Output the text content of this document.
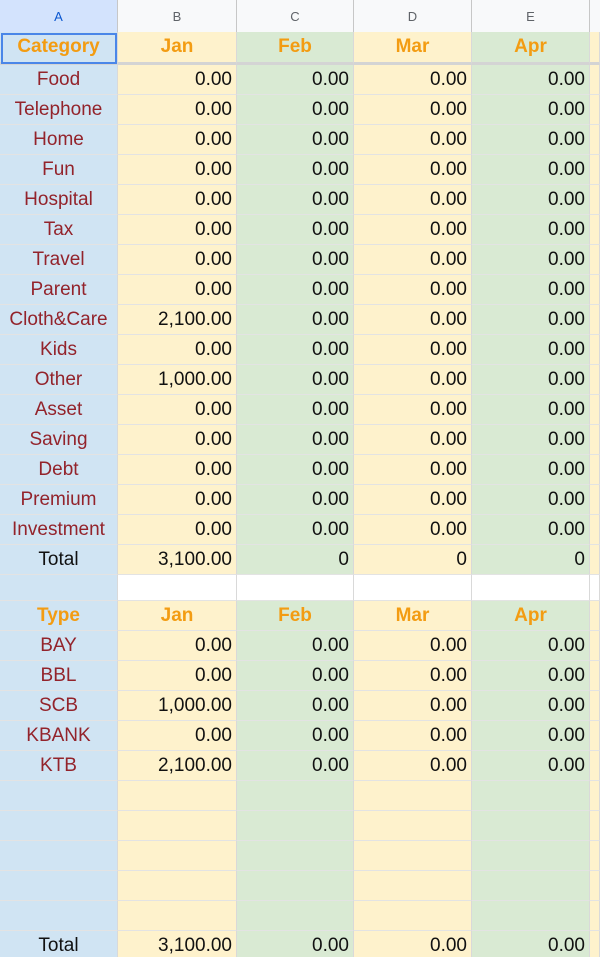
A	B	C	D	E
Category	Jan	Feb	Mar	Apr
Food	0.00	0.00	0.00	0.00
Telephone	0.00	0.00	0.00	0.00
Home	0.00	0.00	0.00	0.00
Fun	0.00	0.00	0.00	0.00
Hospital	0.00	0.00	0.00	0.00
Tax	0.00	0.00	0.00	0.00
Travel	0.00	0.00	0.00	0.00
Parent	0.00	0.00	0.00	0.00
Cloth&Care	2,100.00	0.00	0.00	0.00
Kids	0.00	0.00	0.00	0.00
Other	1,000.00	0.00	0.00	0.00
Asset	0.00	0.00	0.00	0.00
Saving	0.00	0.00	0.00	0.00
Debt	0.00	0.00	0.00	0.00
Premium	0.00	0.00	0.00	0.00
Investment	0.00	0.00	0.00	0.00
Total	3,100.00	0	0	0
Type	Jan	Feb	Mar	Apr
BAY	0.00	0.00	0.00	0.00
BBL	0.00	0.00	0.00	0.00
SCB	1,000.00	0.00	0.00	0.00
KBANK	0.00	0.00	0.00	0.00
KTB	2,100.00	0.00	0.00	0.00
Total	3,100.00	0.00	0.00	0.00
